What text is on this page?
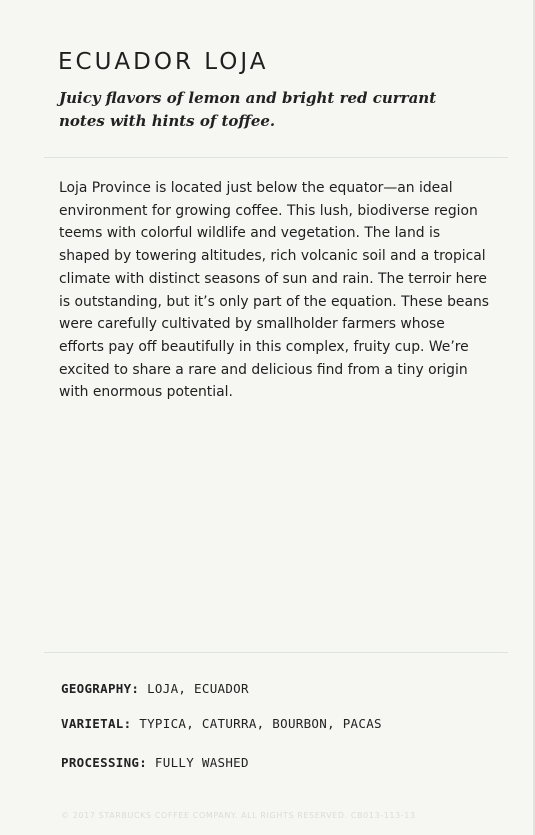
ECUADOR LOJA

Juicy flavors of lemon and bright red currant notes with hints of toffee.

Loja Province is located just below the equator—an ideal environment for growing coffee. This lush, biodiverse region teems with colorful wildlife and vegetation. The land is shaped by towering altitudes, rich volcanic soil and a tropical climate with distinct seasons of sun and rain. The terroir here is outstanding, but it’s only part of the equation. These beans were carefully cultivated by smallholder farmers whose efforts pay off beautifully in this complex, fruity cup. We’re excited to share a rare and delicious find from a tiny origin with enormous potential.

GEOGRAPHY: LOJA, ECUADOR

VARIETAL: TYPICA, CATURRA, BOURBON, PACAS

PROCESSING: FULLY WASHED

© 2017 STARBUCKS COFFEE COMPANY. ALL RIGHTS RESERVED. CB013-113-13
